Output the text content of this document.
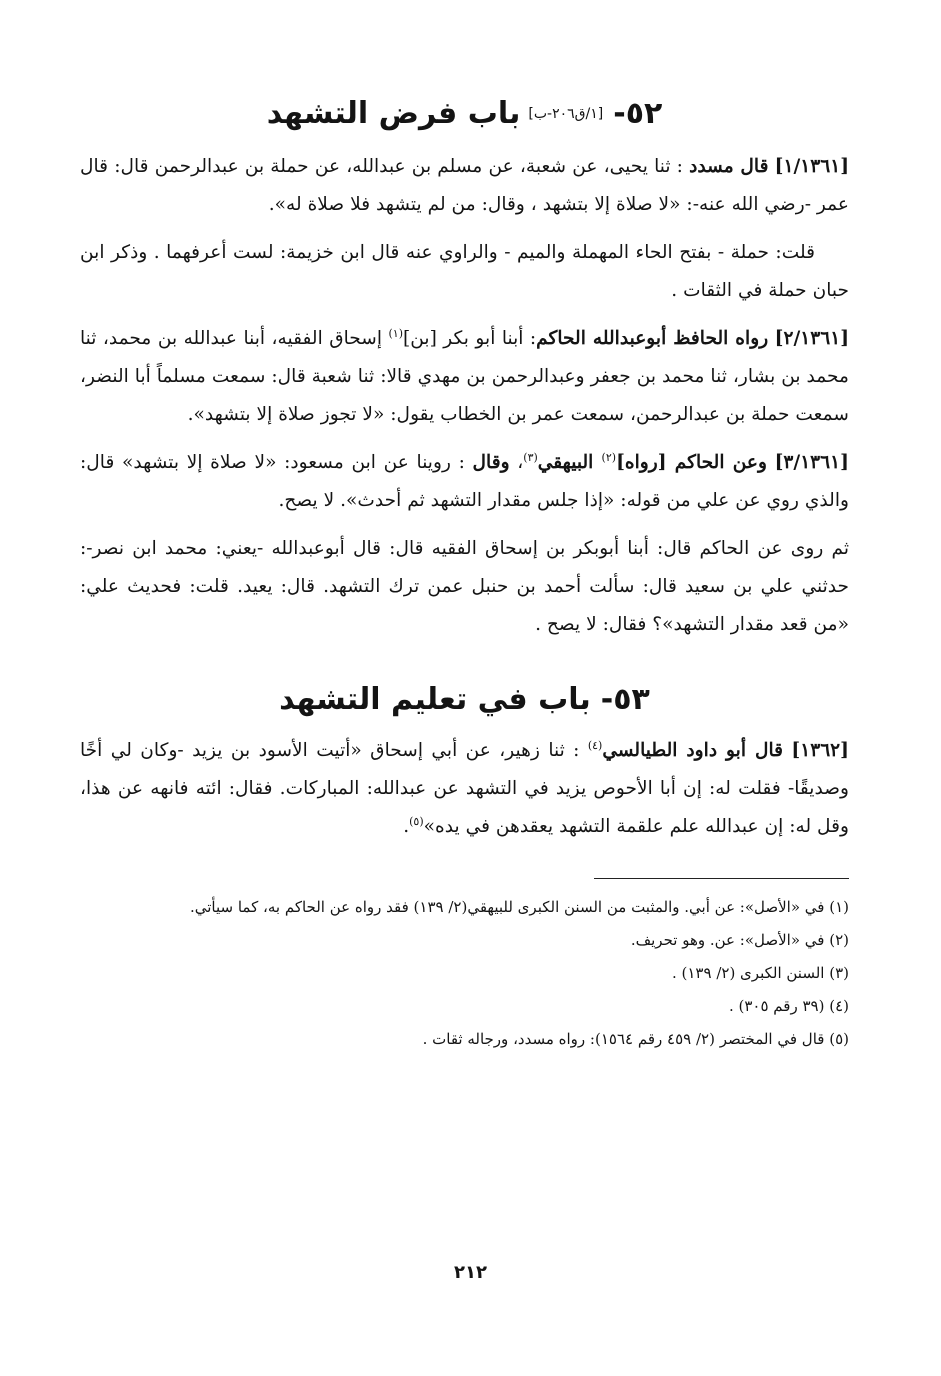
٥٢-[١/ق٢٠٦-ب]باب فرض التشهد

[١/١٣٦١] قال مسدد : ثنا يحيى، عن شعبة، عن مسلم بن عبدالله، عن حملة بن عبدالرحمن قال: قال عمر -رضي الله عنه-: «لا صلاة إلا بتشهد ، وقال: من لم يتشهد فلا صلاة له».

قلت: حملة - بفتح الحاء المهملة والميم - والراوي عنه قال ابن خزيمة: لست أعرفهما . وذكر ابن حبان حملة في الثقات .

[٢/١٣٦١] رواه الحافظ أبوعبدالله الحاكم: أبنا أبو بكر [بن]$^{(١)}$ إسحاق الفقيه، أبنا عبدالله بن محمد، ثنا محمد بن بشار، ثنا محمد بن جعفر وعبدالرحمن بن مهدي قالا: ثنا شعبة قال: سمعت مسلماً أبا النضر، سمعت حملة بن عبدالرحمن، سمعت عمر بن الخطاب يقول: «لا تجوز صلاة إلا بتشهد».

[٣/١٣٦١] وعن الحاكم [رواه]$^{(٢)}$ البيهقي$^{(٣)}$، وقال : روينا عن ابن مسعود: «لا صلاة إلا بتشهد» قال: والذي روي عن علي من قوله: «إذا جلس مقدار التشهد ثم أحدث». لا يصح.

ثم روى عن الحاكم قال: أبنا أبوبكر بن إسحاق الفقيه قال: قال أبوعبدالله -يعني: محمد ابن نصر-: حدثني علي بن سعيد قال: سألت أحمد بن حنبل عمن ترك التشهد. قال: يعيد. قلت: فحديث علي: «من قعد مقدار التشهد»؟ فقال: لا يصح .

٥٣-باب في تعليم التشهد

[١٣٦٢] قال أبو داود الطيالسي$^{(٤)}$ : ثنا زهير، عن أبي إسحاق «أتيت الأسود بن يزيد -وكان لي أخًا وصديقًا- فقلت له: إن أبا الأحوص يزيد في التشهد عن عبدالله: المباركات. فقال: ائته فانهه عن هذا، وقل له: إن عبدالله علم علقمة التشهد يعقدهن في يده»$^{(٥)}$.

(١) في «الأصل»: عن أبي. والمثبت من السنن الكبرى للبيهقي(٢/ ١٣٩) فقد رواه عن الحاكم به، كما سيأتي.
(٢) في «الأصل»: عن. وهو تحريف.
(٣) السنن الكبرى (٢/ ١٣٩) .
(٤) (٣٩ رقم ٣٠٥) .
(٥) قال في المختصر (٢/ ٤٥٩ رقم ١٥٦٤): رواه مسدد، ورجاله ثقات .
٢١٢
